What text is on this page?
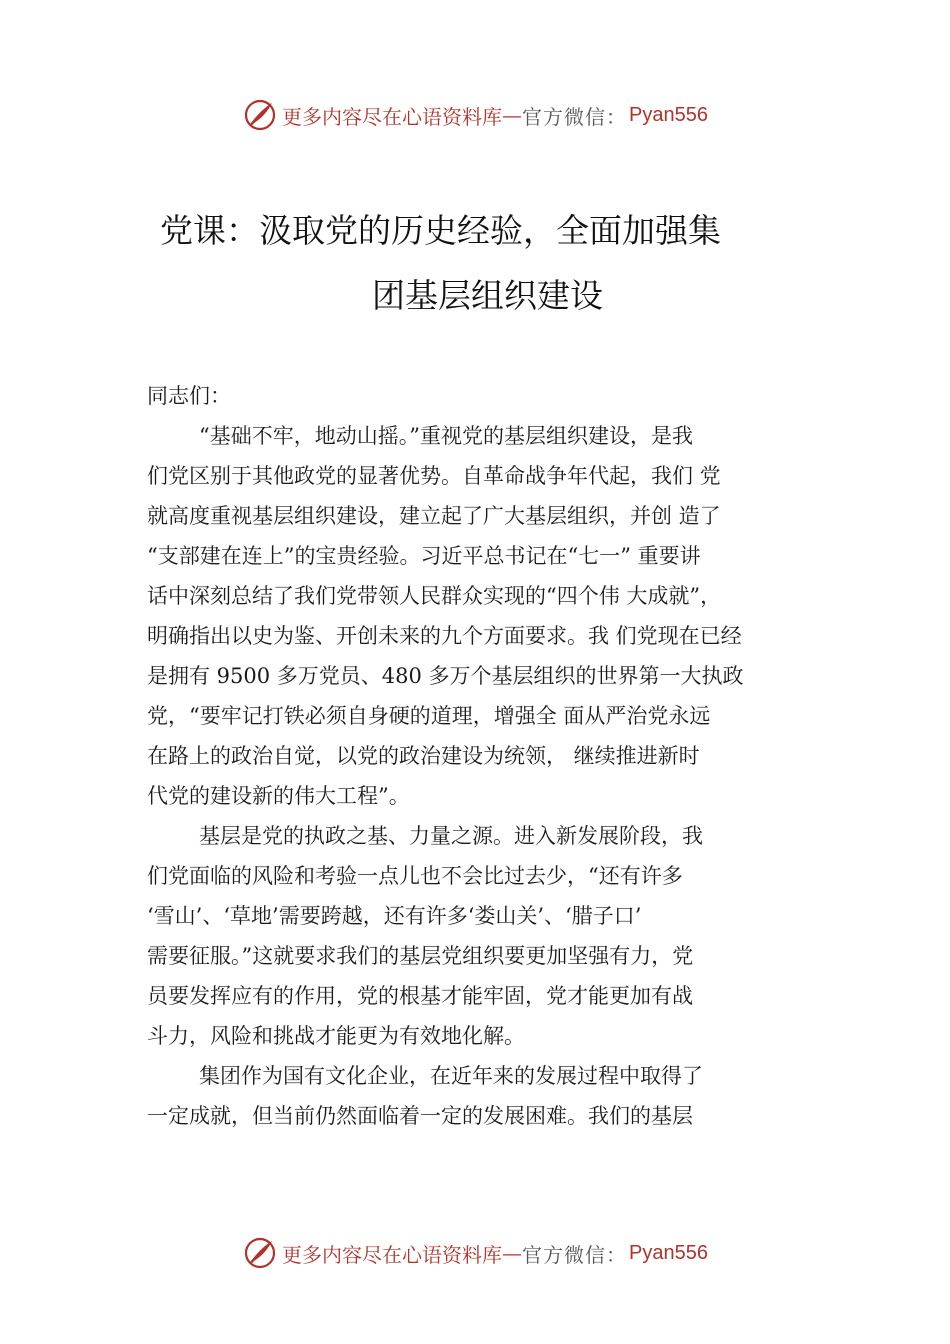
更多内容尽在心语资料库 — 官方微信： Pyan556
党课：汲取党的历史经验，全面加强集
团基层组织建设
同志们：

“基础不牢，地动山摇。”重视党的基层组织建设，是我
们党区别于其他政党的显著优势。自革命战争年代起，我们 党
就高度重视基层组织建设，建立起了广大基层组织，并创 造了
“支部建在连上”的宝贵经验。习近平总书记在“七一” 重要讲
话中深刻总结了我们党带领人民群众实现的“四个伟 大成就”，
明确指出以史为鉴、开创未来的九个方面要求。我 们党现在已经
是拥有 9500 多万党员、480 多万个基层组织的世界第一大执政
党，“要牢记打铁必须自身硬的道理，增强全 面从严治党永远
在路上的政治自觉，以党的政治建设为统领， 继续推进新时
代党的建设新的伟大工程”。

基层是党的执政之基、力量之源。进入新发展阶段，我
们党面临的风险和考验一点儿也不会比过去少，“还有许多
‘雪山’、‘草地’需要跨越，还有许多‘娄山关’、‘腊子口’
需要征服。”这就要求我们的基层党组织要更加坚强有力，党
员要发挥应有的作用，党的根基才能牢固，党才能更加有战
斗力，风险和挑战才能更为有效地化解。

集团作为国有文化企业，在近年来的发展过程中取得了
一定成就，但当前仍然面临着一定的发展困难。我们的基层

更多内容尽在心语资料库 — 官方微信： Pyan556
